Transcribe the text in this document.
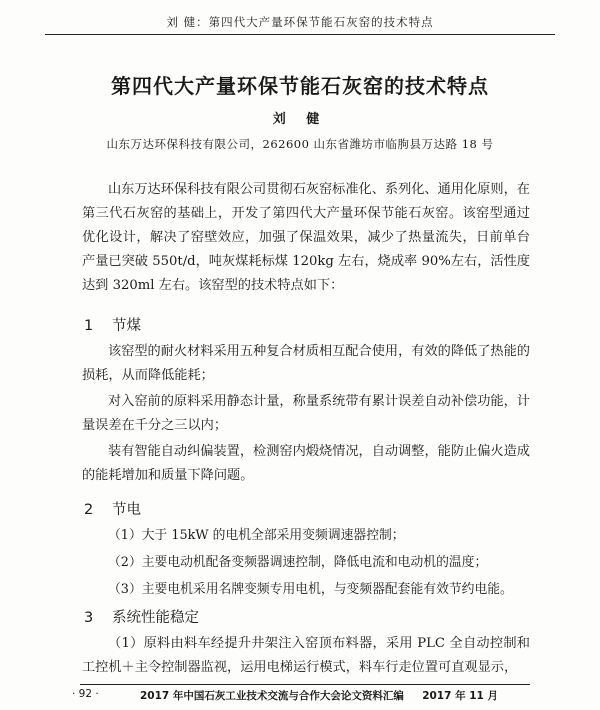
刘 健：第四代大产量环保节能石灰窑的技术特点
第四代大产量环保节能石灰窑的技术特点
刘 健
山东万达环保科技有限公司，262600 山东省潍坊市临朐县万达路 18 号

山东万达环保科技有限公司贯彻石灰窑标准化、系列化、通用化原则，在第三代石灰窑的基础上，开发了第四代大产量环保节能石灰窑。该窑型通过优化设计，解决了窑壁效应，加强了保温效果，减少了热量流失，日前单台产量已突破 550t/d，吨灰煤耗标煤 120kg 左右，烧成率 90%左右，活性度达到 320ml 左右。该窑型的技术特点如下：

1 节煤

该窑型的耐火材料采用五种复合材质相互配合使用，有效的降低了热能的损耗，从而降低能耗；

对入窑前的原料采用静态计量，称量系统带有累计误差自动补偿功能，计量误差在千分之三以内；

装有智能自动纠偏装置，检测窑内煅烧情况，自动调整，能防止偏火造成的能耗增加和质量下降问题。

2 节电
（1）大于 15kW 的电机全部采用变频调速器控制；
（2）主要电动机配备变频器调速控制，降低电流和电动机的温度；
（3）主要电机采用名牌变频专用电机，与变频器配套能有效节约电能。
3 系统性能稳定

（1）原料由料车经提升井架注入窑顶布料器，采用 PLC 全自动控制和工控机＋主令控制器监视，运用电梯运行模式，料车行走位置可直观显示，

· 92 ·	2017 年中国石灰工业技术交流与合作大会论文资料汇编 2017 年 11 月
